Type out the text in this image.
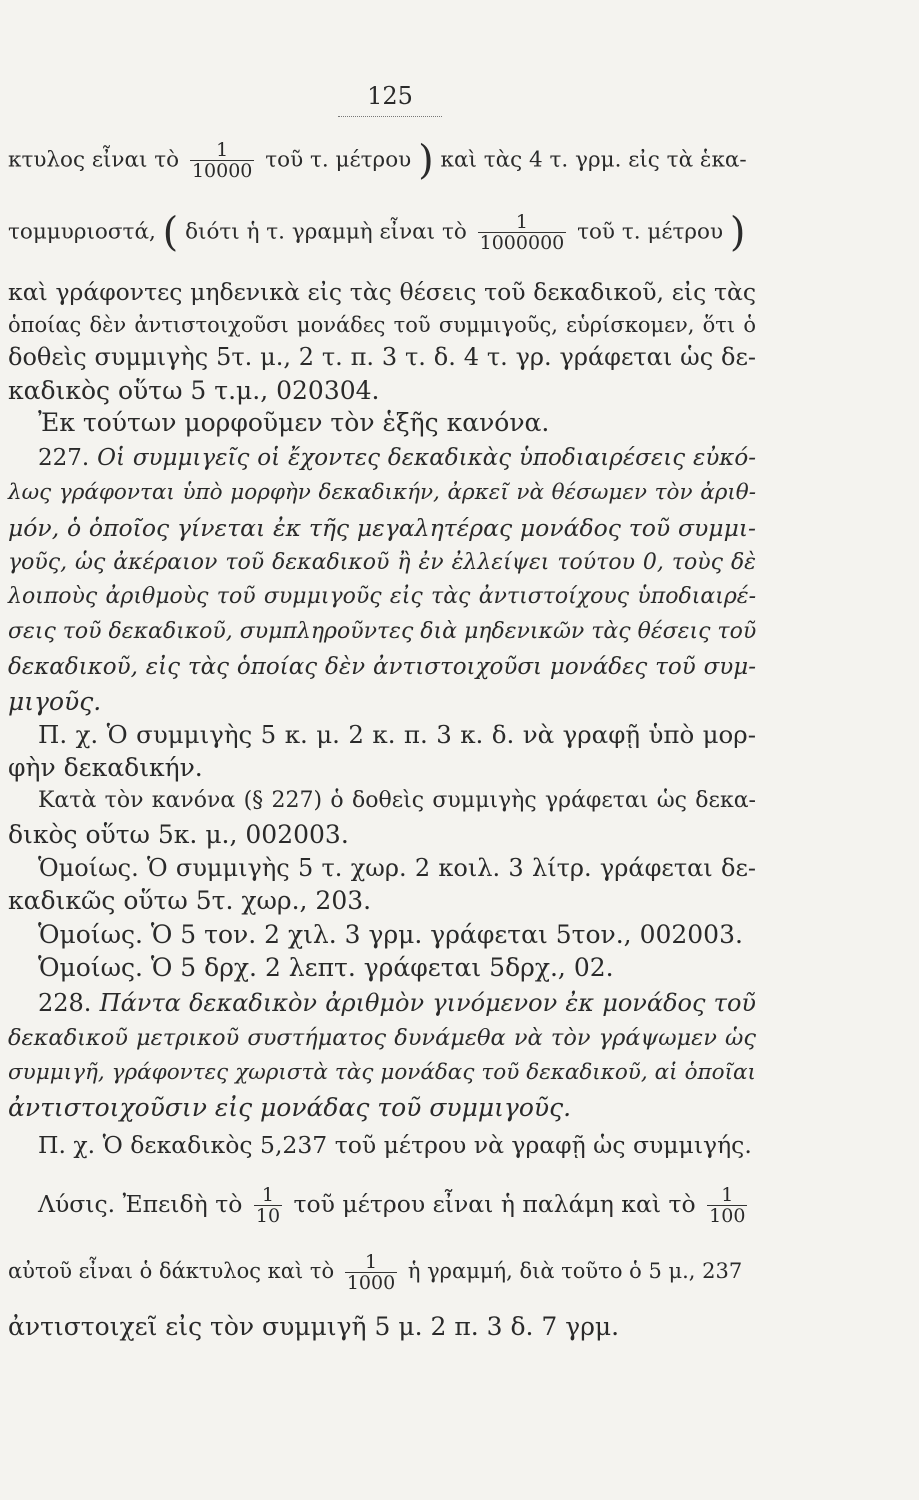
125
κτυλος εἶναι τὸ $\frac{1}{10000}$ τοῦ τ. μέτρου ) καὶ τὰς 4 τ. γρμ. εἰς τὰ ἑκα-
τομμυριοστά, ( διότι ἡ τ. γραμμὴ εἶναι τὸ $\frac{1}{1000000}$ τοῦ τ. μέτρου )
καὶ γράφοντες μηδενικὰ εἰς τὰς θέσεις τοῦ δεκαδικοῦ, εἰς τὰς
ὁποίας δὲν ἀντιστοιχοῦσι μονάδες τοῦ συμμιγοῦς, εὑρίσκομεν, ὅτι ὁ
δοθεὶς συμμιγὴς 5τ. μ., 2 τ. π. 3 τ. δ. 4 τ. γρ. γράφεται ὡς δε-
καδικὸς οὕτω 5 τ.μ., 020304.
Ἐκ τούτων μορφοῦμεν τὸν ἑξῆς κανόνα.
227. Οἱ συμμιγεῖς οἱ ἔχοντες δεκαδικὰς ὑποδιαιρέσεις εὐκό-
λως γράφονται ὑπὸ μορφὴν δεκαδικήν, ἀρκεῖ νὰ θέσωμεν τὸν ἀριθ-
μόν, ὁ ὁποῖος γίνεται ἐκ τῆς μεγαλητέρας μονάδος τοῦ συμμι-
γοῦς, ὡς ἀκέραιον τοῦ δεκαδικοῦ ἢ ἐν ἐλλείψει τούτου 0, τοὺς δὲ
λοιποὺς ἀριθμοὺς τοῦ συμμιγοῦς εἰς τὰς ἀντιστοίχους ὑποδιαιρέ-
σεις τοῦ δεκαδικοῦ, συμπληροῦντες διὰ μηδενικῶν τὰς θέσεις τοῦ
δεκαδικοῦ, εἰς τὰς ὁποίας δὲν ἀντιστοιχοῦσι μονάδες τοῦ συμ-
μιγοῦς.
Π. χ. Ὁ συμμιγὴς 5 κ. μ. 2 κ. π. 3 κ. δ. νὰ γραφῇ ὑπὸ μορ-
φὴν δεκαδικήν.
Κατὰ τὸν κανόνα (§ 227) ὁ δοθεὶς συμμιγὴς γράφεται ὡς δεκα-
δικὸς οὕτω 5κ. μ., 002003.
Ὁμοίως. Ὁ συμμιγὴς 5 τ. χωρ. 2 κοιλ. 3 λίτρ. γράφεται δε-
καδικῶς οὕτω 5τ. χωρ., 203.
Ὁμοίως. Ὁ 5 τον. 2 χιλ. 3 γρμ. γράφεται 5τον., 002003.
Ὁμοίως. Ὁ 5 δρχ. 2 λεπτ. γράφεται 5δρχ., 02.
228. Πάντα δεκαδικὸν ἀριθμὸν γινόμενον ἐκ μονάδος τοῦ
δεκαδικοῦ μετρικοῦ συστήματος δυνάμεθα νὰ τὸν γράψωμεν ὡς
συμμιγῆ, γράφοντες χωριστὰ τὰς μονάδας τοῦ δεκαδικοῦ, αἱ ὁποῖαι
ἀντιστοιχοῦσιν εἰς μονάδας τοῦ συμμιγοῦς.
Π. χ. Ὁ δεκαδικὸς 5,237 τοῦ μέτρου νὰ γραφῇ ὡς συμμιγής.
Λύσις. Ἐπειδὴ τὸ $\frac{1}{10}$ τοῦ μέτρου εἶναι ἡ παλάμη καὶ τὸ $\frac{1}{100}$
αὐτοῦ εἶναι ὁ δάκτυλος καὶ τὸ $\frac{1}{1000}$ ἡ γραμμή, διὰ τοῦτο ὁ 5 μ., 237
ἀντιστοιχεῖ εἰς τὸν συμμιγῆ 5 μ. 2 π. 3 δ. 7 γρμ.
